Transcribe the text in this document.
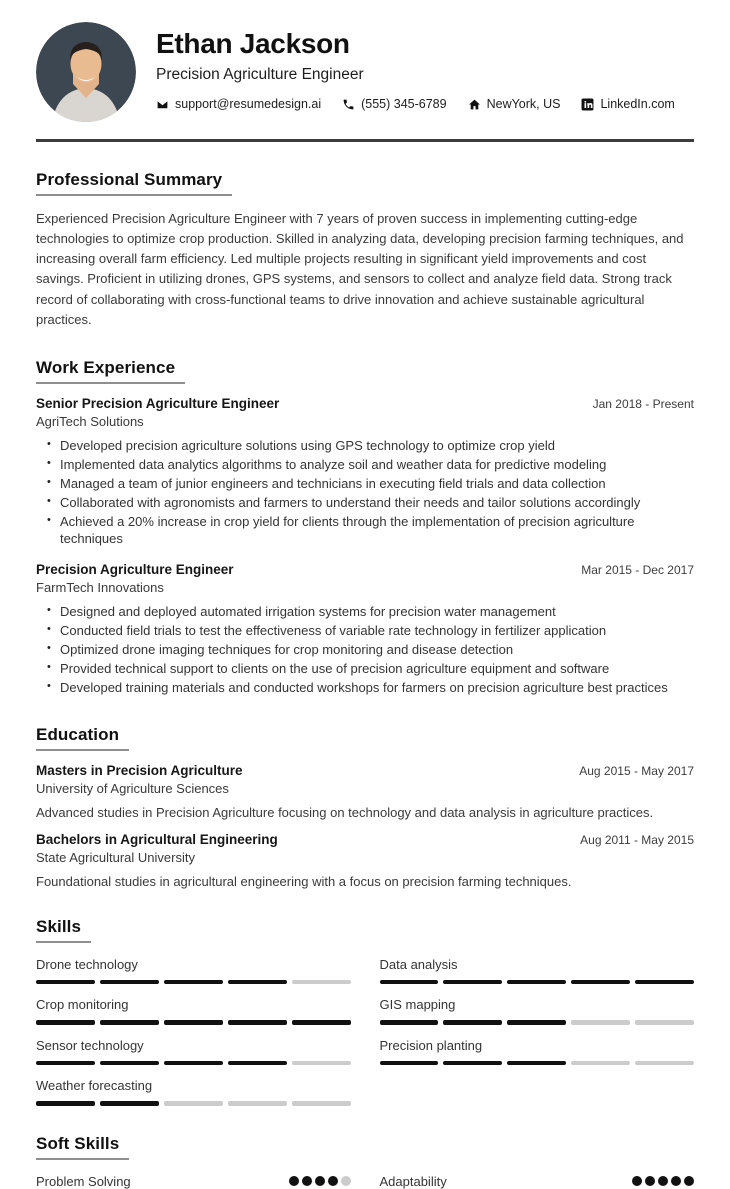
Ethan Jackson
Precision Agriculture Engineer
support@resumedesign.ai	(555) 345-6789	NewYork, US	LinkedIn.com
Professional Summary

Experienced Precision Agriculture Engineer with 7 years of proven success in implementing cutting-edge technologies to optimize crop production. Skilled in analyzing data, developing precision farming techniques, and increasing overall farm efficiency. Led multiple projects resulting in significant yield improvements and cost savings. Proficient in utilizing drones, GPS systems, and sensors to collect and analyze field data. Strong track record of collaborating with cross-functional teams to drive innovation and achieve sustainable agricultural practices.

Work Experience
Senior Precision Agriculture Engineer	Jan 2018 - Present
AgriTech Solutions
• Developed precision agriculture solutions using GPS technology to optimize crop yield
• Implemented data analytics algorithms to analyze soil and weather data for predictive modeling
• Managed a team of junior engineers and technicians in executing field trials and data collection
• Collaborated with agronomists and farmers to understand their needs and tailor solutions accordingly
• Achieved a 20% increase in crop yield for clients through the implementation of precision agriculture techniques
Precision Agriculture Engineer	Mar 2015 - Dec 2017
FarmTech Innovations
• Designed and deployed automated irrigation systems for precision water management
• Conducted field trials to test the effectiveness of variable rate technology in fertilizer application
• Optimized drone imaging techniques for crop monitoring and disease detection
• Provided technical support to clients on the use of precision agriculture equipment and software
• Developed training materials and conducted workshops for farmers on precision agriculture best practices
Education
Masters in Precision Agriculture	Aug 2015 - May 2017
University of Agriculture Sciences
Advanced studies in Precision Agriculture focusing on technology and data analysis in agriculture practices.
Bachelors in Agricultural Engineering	Aug 2011 - May 2015
State Agricultural University
Foundational studies in agricultural engineering with a focus on precision farming techniques.
Skills
Drone technology	Data analysis
Crop monitoring	GIS mapping
Sensor technology	Precision planting
Weather forecasting
Soft Skills
Problem Solving	Adaptability
